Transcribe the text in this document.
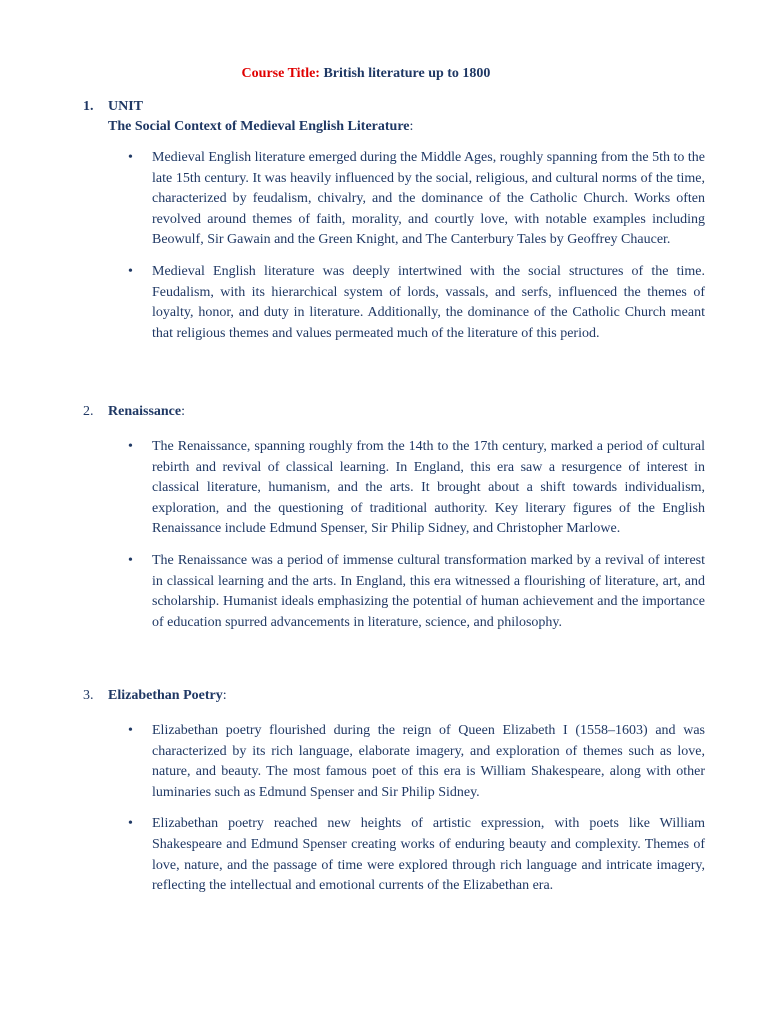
Course Title: British literature up to 1800
1. UNIT
The Social Context of Medieval English Literature:
• Medieval English literature emerged during the Middle Ages, roughly spanning from the 5th to the late 15th century. It was heavily influenced by the social, religious, and cultural norms of the time, characterized by feudalism, chivalry, and the dominance of the Catholic Church. Works often revolved around themes of faith, morality, and courtly love, with notable examples including Beowulf, Sir Gawain and the Green Knight, and The Canterbury Tales by Geoffrey Chaucer.
• Medieval English literature was deeply intertwined with the social structures of the time. Feudalism, with its hierarchical system of lords, vassals, and serfs, influenced the themes of loyalty, honor, and duty in literature. Additionally, the dominance of the Catholic Church meant that religious themes and values permeated much of the literature of this period.
2. Renaissance:
• The Renaissance, spanning roughly from the 14th to the 17th century, marked a period of cultural rebirth and revival of classical learning. In England, this era saw a resurgence of interest in classical literature, humanism, and the arts. It brought about a shift towards individualism, exploration, and the questioning of traditional authority. Key literary figures of the English Renaissance include Edmund Spenser, Sir Philip Sidney, and Christopher Marlowe.
• The Renaissance was a period of immense cultural transformation marked by a revival of interest in classical learning and the arts. In England, this era witnessed a flourishing of literature, art, and scholarship. Humanist ideals emphasizing the potential of human achievement and the importance of education spurred advancements in literature, science, and philosophy.
3. Elizabethan Poetry:
• Elizabethan poetry flourished during the reign of Queen Elizabeth I (1558–1603) and was characterized by its rich language, elaborate imagery, and exploration of themes such as love, nature, and beauty. The most famous poet of this era is William Shakespeare, along with other luminaries such as Edmund Spenser and Sir Philip Sidney.
• Elizabethan poetry reached new heights of artistic expression, with poets like William Shakespeare and Edmund Spenser creating works of enduring beauty and complexity. Themes of love, nature, and the passage of time were explored through rich language and intricate imagery, reflecting the intellectual and emotional currents of the Elizabethan era.
